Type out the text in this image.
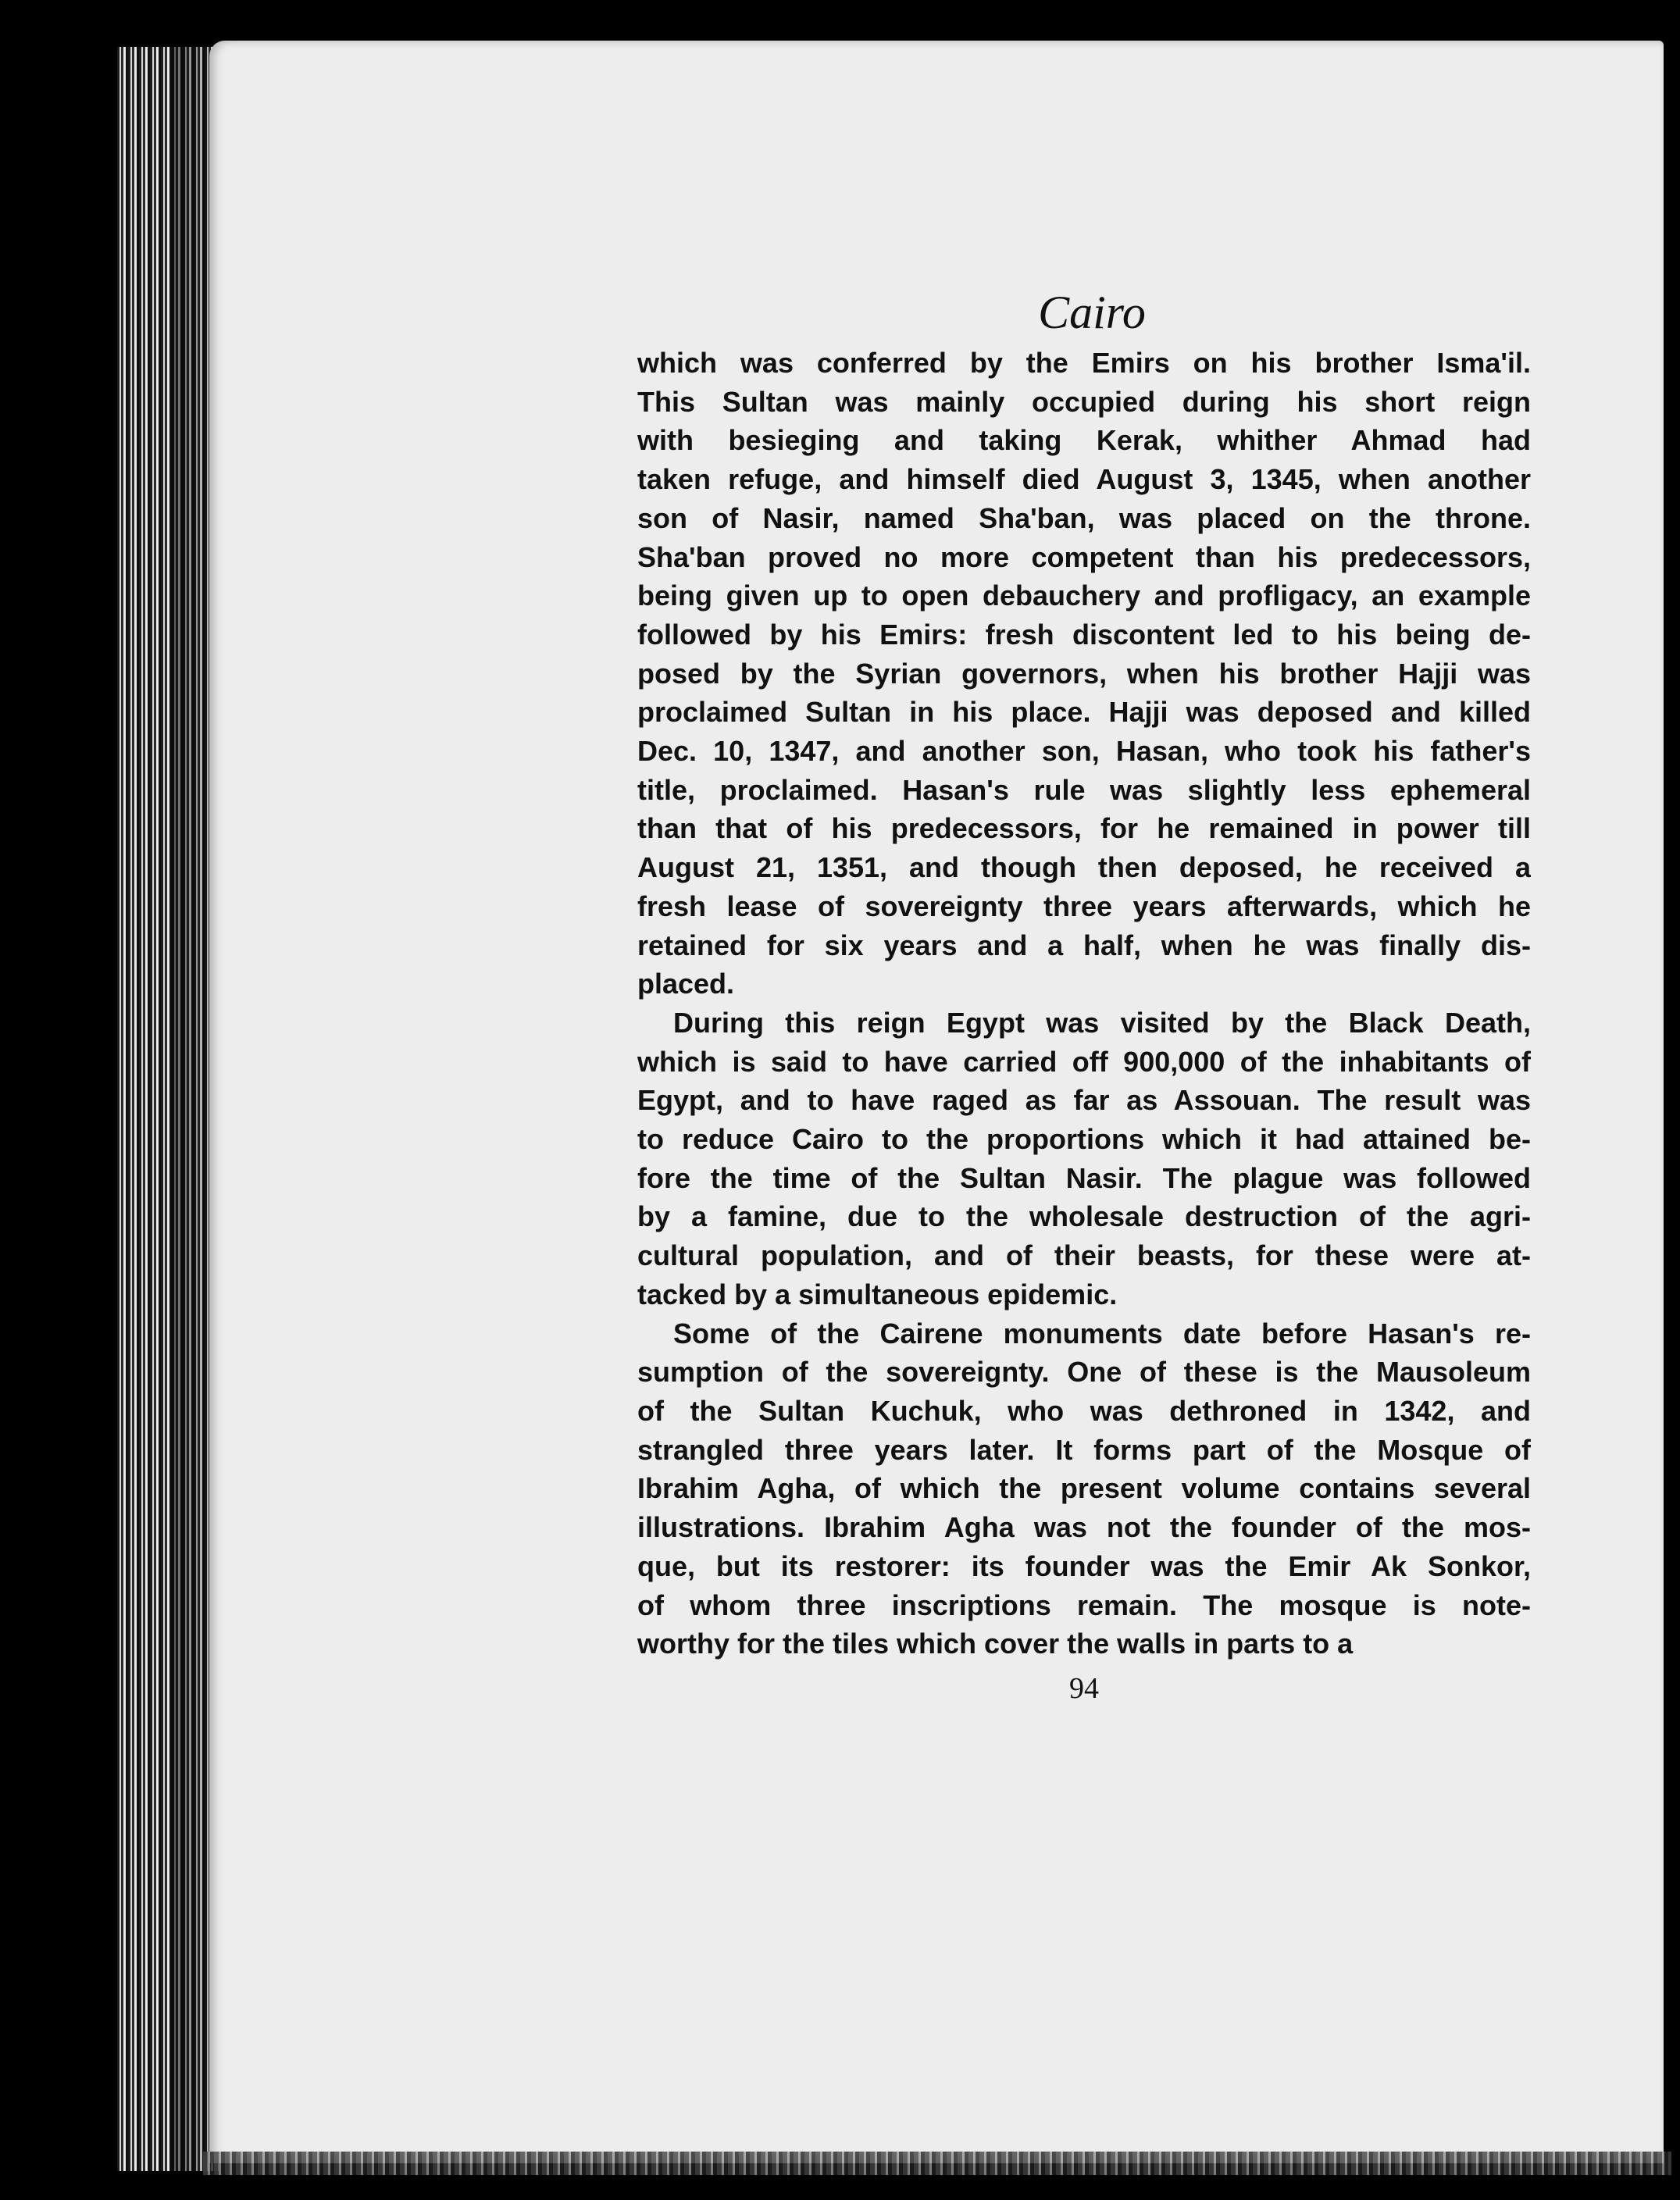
Cairo

which was conferred by the Emirs on his brother Isma'il.
This Sultan was mainly occupied during his short reign
with besieging and taking Kerak, whither Ahmad had
taken refuge, and himself died August 3, 1345, when another
son of Nasir, named Sha'ban, was placed on the throne.
Sha'ban proved no more competent than his predecessors,
being given up to open debauchery and profligacy, an example
followed by his Emirs: fresh discontent led to his being de-
posed by the Syrian governors, when his brother Hajji was
proclaimed Sultan in his place. Hajji was deposed and killed
Dec. 10, 1347, and another son, Hasan, who took his father's
title, proclaimed. Hasan's rule was slightly less ephemeral
than that of his predecessors, for he remained in power till
August 21, 1351, and though then deposed, he received a
fresh lease of sovereignty three years afterwards, which he
retained for six years and a half, when he was finally dis-
placed.

During this reign Egypt was visited by the Black Death,
which is said to have carried off 900,000 of the inhabitants of
Egypt, and to have raged as far as Assouan. The result was
to reduce Cairo to the proportions which it had attained be-
fore the time of the Sultan Nasir. The plague was followed
by a famine, due to the wholesale destruction of the agri-
cultural population, and of their beasts, for these were at-
tacked by a simultaneous epidemic.

Some of the Cairene monuments date before Hasan's re-
sumption of the sovereignty. One of these is the Mausoleum
of the Sultan Kuchuk, who was dethroned in 1342, and
strangled three years later. It forms part of the Mosque of
Ibrahim Agha, of which the present volume contains several
illustrations. Ibrahim Agha was not the founder of the mos-
que, but its restorer: its founder was the Emir Ak Sonkor,
of whom three inscriptions remain. The mosque is note-
worthy for the tiles which cover the walls in parts to a

94
